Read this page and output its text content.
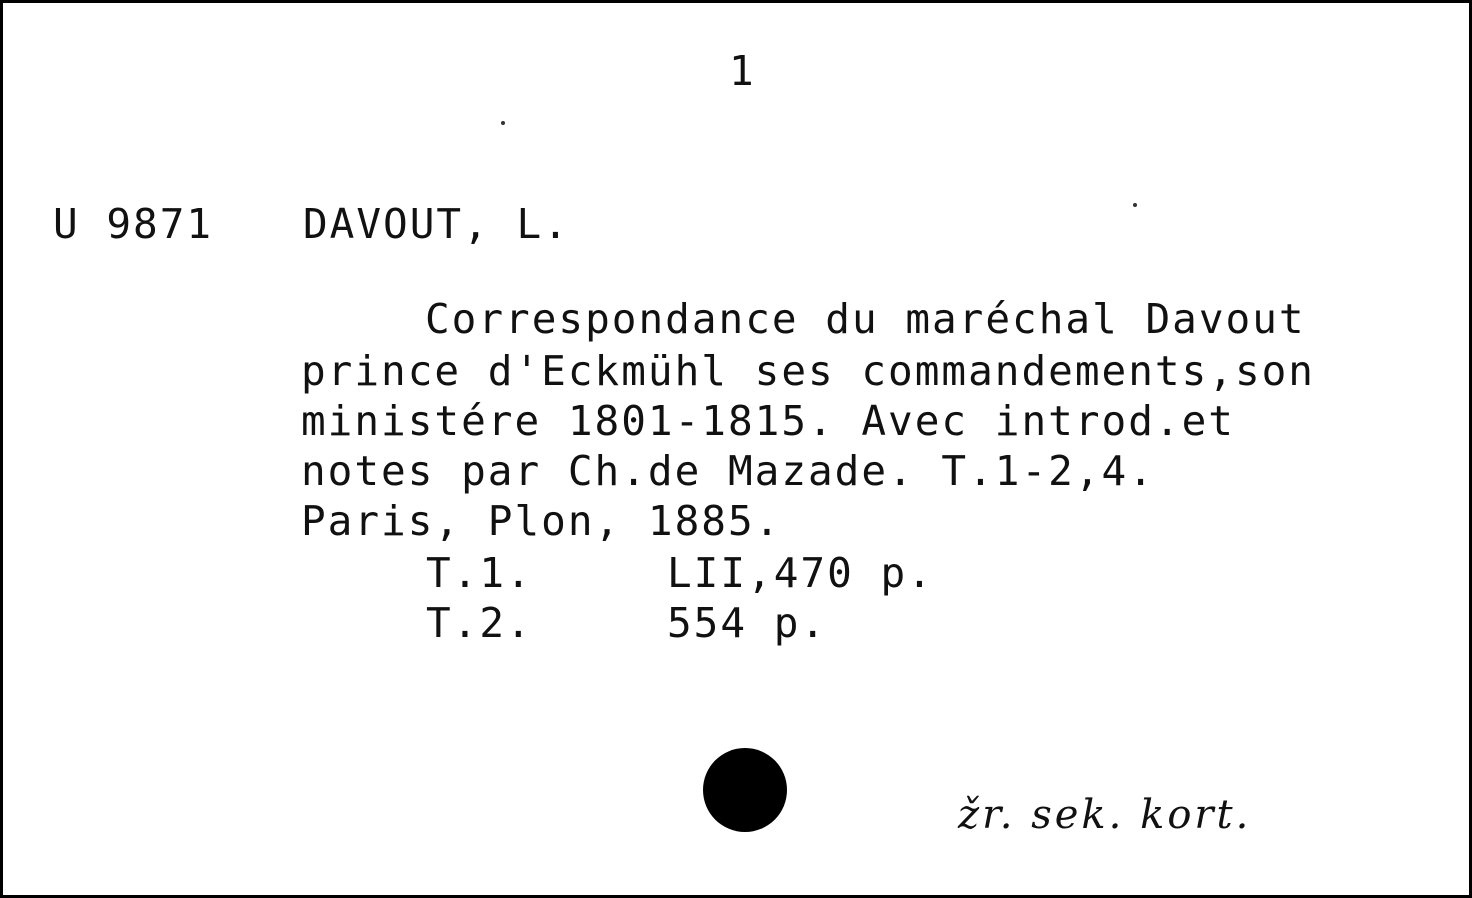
1
U 9871 DAVOUT, L.
Correspondance du maréchal Davout
prince d'Eckmühl ses commandements,son
ministére 1801-1815. Avec introd.et
notes par Ch.de Mazade. T.1-2,4.
Paris, Plon, 1885.
T.1.	LII,470 p.
T.2.	554 p.
žr. sek. kort.
